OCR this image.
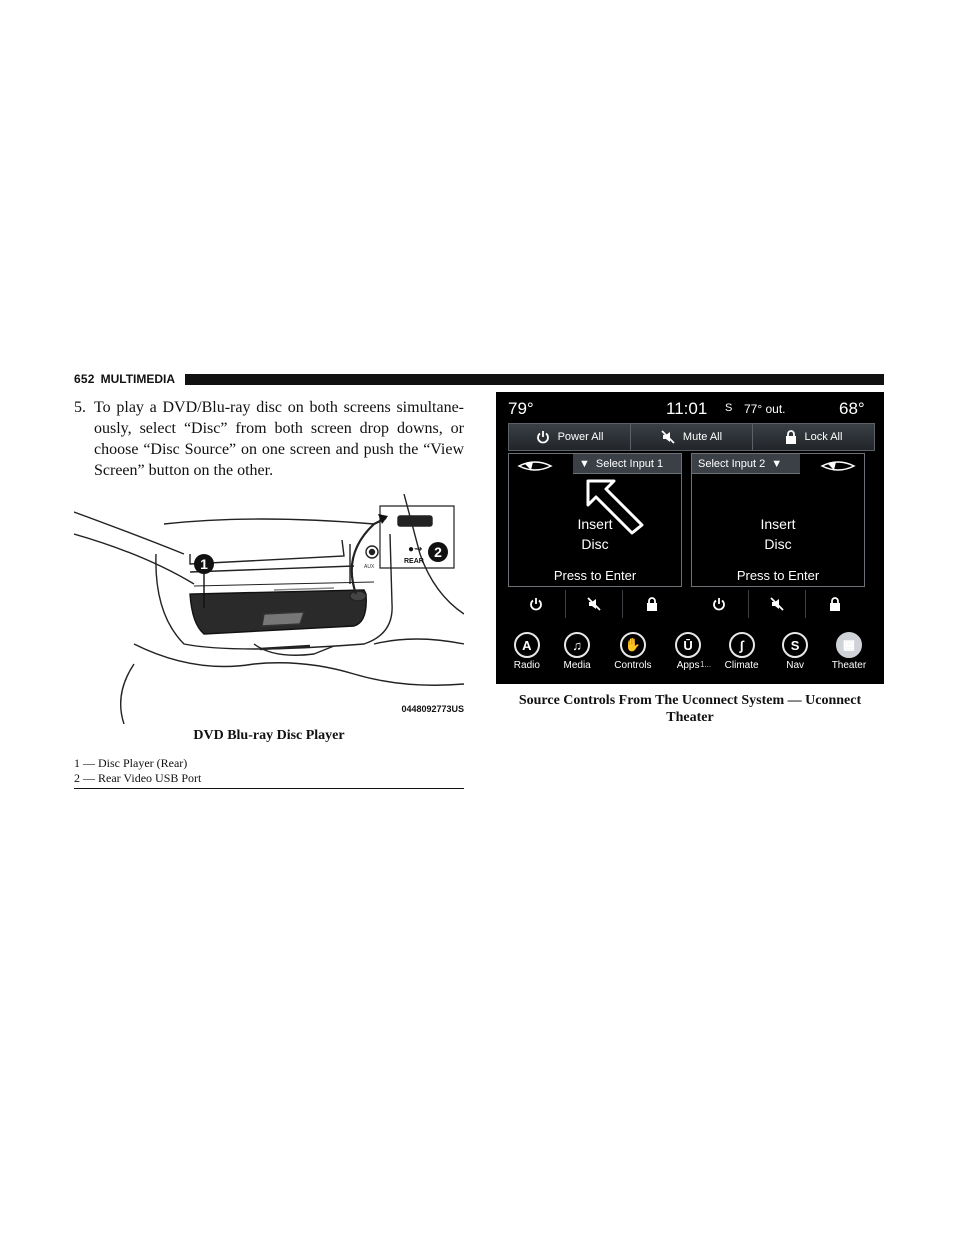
652 MULTIMEDIA
5. To play a DVD/Blu-ray disc on both screens simultane- ously, select “Disc” from both screen drop downs, or choose “Disc Source” on one screen and push the “View Screen” button on the other.
1
2
●⇝
REAR
AUX
0448092773US
DVD Blu-ray Disc Player
1 — Disc Player (Rear)
2 — Rear Video USB Port
79°	11:01 S 77° out.	68°
Power All	Mute All	Lock All
▼ Select Input 1
Insert
Disc
Press to Enter
Select Input 2 ▼
Insert
Disc
Press to Enter
A
Radio
♫
Media
✋
Controls
Ū
Apps
∫
Climate
S
Nav
▦
Theater
1...
Source Controls From The Uconnect System — Uconnect Theater
